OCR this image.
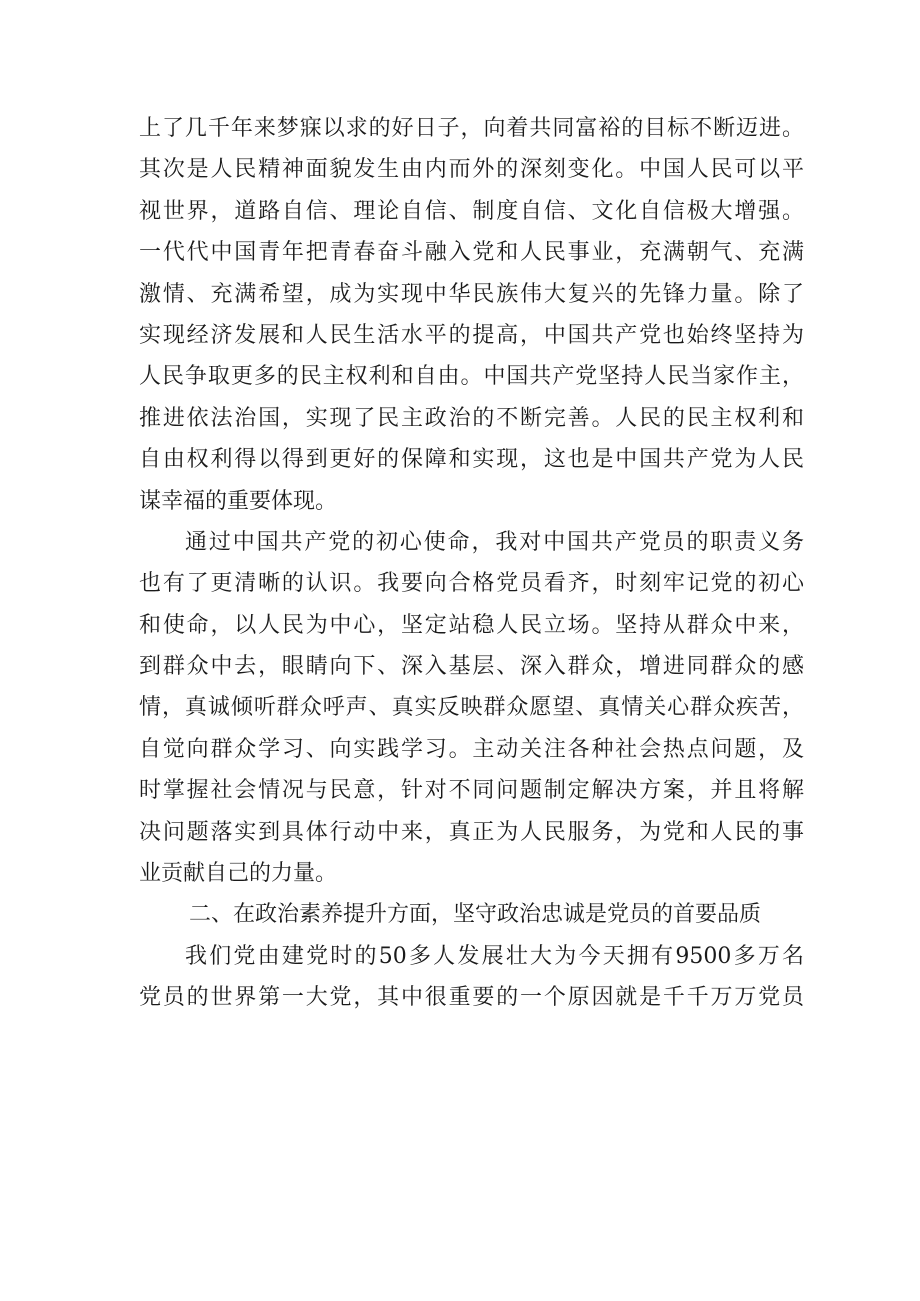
上了几千年来梦寐以求的好日子，向着共同富裕的目标不断迈进。
其次是人民精神面貌发生由内而外的深刻变化。中国人民可以平
视世界，道路自信、理论自信、制度自信、文化自信极大增强。
一代代中国青年把青春奋斗融入党和人民事业，充满朝气、充满
激情、充满希望，成为实现中华民族伟大复兴的先锋力量。除了
实现经济发展和人民生活水平的提高，中国共产党也始终坚持为
人民争取更多的民主权利和自由。中国共产党坚持人民当家作主，
推进依法治国，实现了民主政治的不断完善。人民的民主权利和
自由权利得以得到更好的保障和实现，这也是中国共产党为人民
谋幸福的重要体现。

通过中国共产党的初心使命，我对中国共产党员的职责义务
也有了更清晰的认识。我要向合格党员看齐，时刻牢记党的初心
和使命，以人民为中心，坚定站稳人民立场。坚持从群众中来，
到群众中去，眼睛向下、深入基层、深入群众，增进同群众的感
情，真诚倾听群众呼声、真实反映群众愿望、真情关心群众疾苦，
自觉向群众学习、向实践学习。主动关注各种社会热点问题，及
时掌握社会情况与民意，针对不同问题制定解决方案，并且将解
决问题落实到具体行动中来，真正为人民服务，为党和人民的事
业贡献自己的力量。

二、在政治素养提升方面，坚守政治忠诚是党员的首要品质

我们党由建党时的50多人发展壮大为今天拥有9500多万名
党员的世界第一大党，其中很重要的一个原因就是千千万万党员
